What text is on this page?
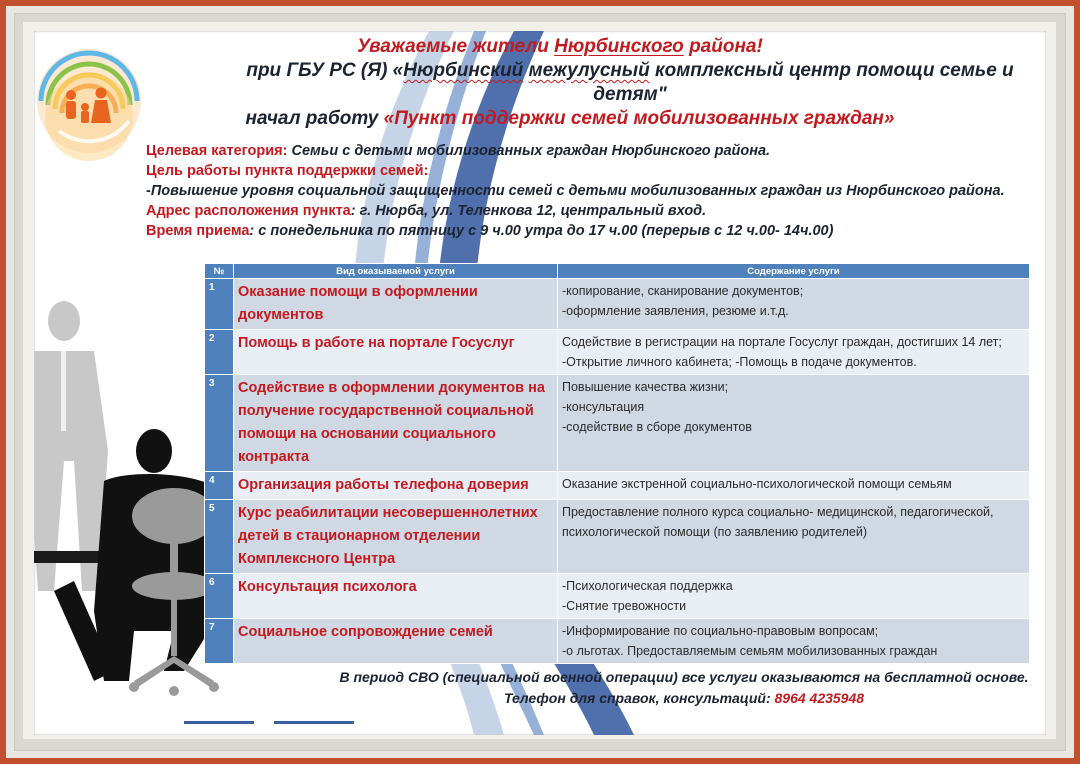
Уважаемые жители Нюрбинского района!
при ГБУ РС (Я) «Нюрбинский межулусный комплексный центр помощи семье и детям"
начал работу «Пункт поддержки семей мобилизованных граждан»
Целевая категория: Семьи с детьми мобилизованных граждан Нюрбинского района.
Цель работы пункта поддержки семей:
-Повышение уровня социальной защищенности семей с детьми мобилизованных граждан из Нюрбинского района.
Адрес расположения пункта: г. Нюрба, ул. Теленкова 12, центральный вход.
Время приема: с понедельника по пятницу с 9 ч.00 утра до 17 ч.00 (перерыв с 12 ч.00- 14ч.00)
№	Вид оказываемой услуги	Содержание услуги
1	Оказание помощи в оформлении документов	-копирование, сканирование документов;
-оформление заявления, резюме и.т.д.
2	Помощь в работе на портале Госуслуг	Содействие в регистрации на портале Госуслуг граждан, достигших 14 лет; -Открытие личного кабинета; -Помощь в подаче документов.
3	Содействие в оформлении документов на получение государственной социальной помощи на основании социального контракта	Повышение качества жизни;
-консультация
-содействие в сборе документов
4	Организация работы телефона доверия	Оказание экстренной социально-психологической помощи семьям
5	Курс реабилитации несовершеннолетних детей в стационарном отделении Комплексного Центра	Предоставление полного курса социально- медицинской, педагогической, психологической помощи (по заявлению родителей)
6	Консультация психолога	-Психологическая поддержка
-Снятие тревожности
7	Социальное сопровождение семей	-Информирование по социально-правовым вопросам;
-о льготах. Предоставляемым семьям мобилизованных граждан
В период СВО (специальной военной операции) все услуги оказываются на бесплатной основе. Телефон для справок, консультаций: 8964 4235948
